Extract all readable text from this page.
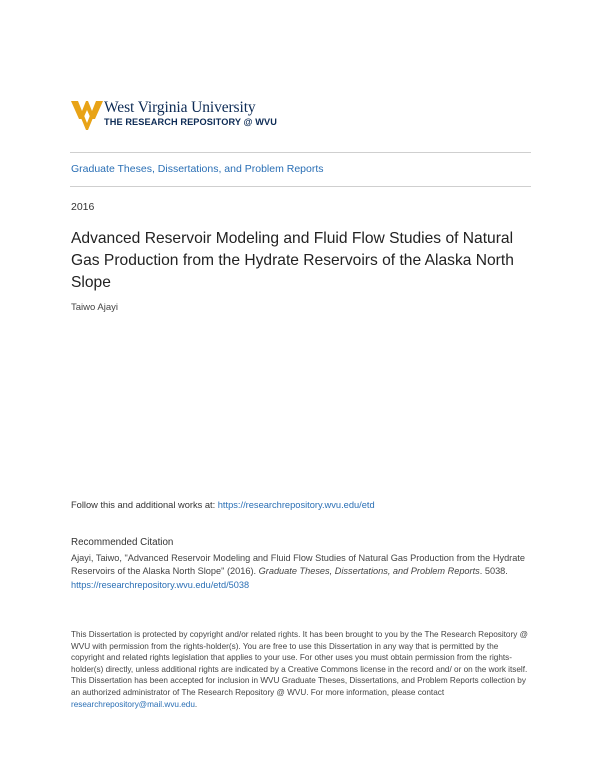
West Virginia University
THE RESEARCH REPOSITORY @ WVU
Graduate Theses, Dissertations, and Problem Reports
2016
Advanced Reservoir Modeling and Fluid Flow Studies of Natural Gas Production from the Hydrate Reservoirs of the Alaska North Slope
Taiwo Ajayi
Follow this and additional works at: https://researchrepository.wvu.edu/etd
Recommended Citation
Ajayi, Taiwo, "Advanced Reservoir Modeling and Fluid Flow Studies of Natural Gas Production from the Hydrate Reservoirs of the Alaska North Slope" (2016). Graduate Theses, Dissertations, and Problem Reports. 5038.
https://researchrepository.wvu.edu/etd/5038
This Dissertation is protected by copyright and/or related rights. It has been brought to you by the The Research Repository @ WVU with permission from the rights-holder(s). You are free to use this Dissertation in any way that is permitted by the copyright and related rights legislation that applies to your use. For other uses you must obtain permission from the rights-holder(s) directly, unless additional rights are indicated by a Creative Commons license in the record and/ or on the work itself. This Dissertation has been accepted for inclusion in WVU Graduate Theses, Dissertations, and Problem Reports collection by an authorized administrator of The Research Repository @ WVU. For more information, please contact researchrepository@mail.wvu.edu.
